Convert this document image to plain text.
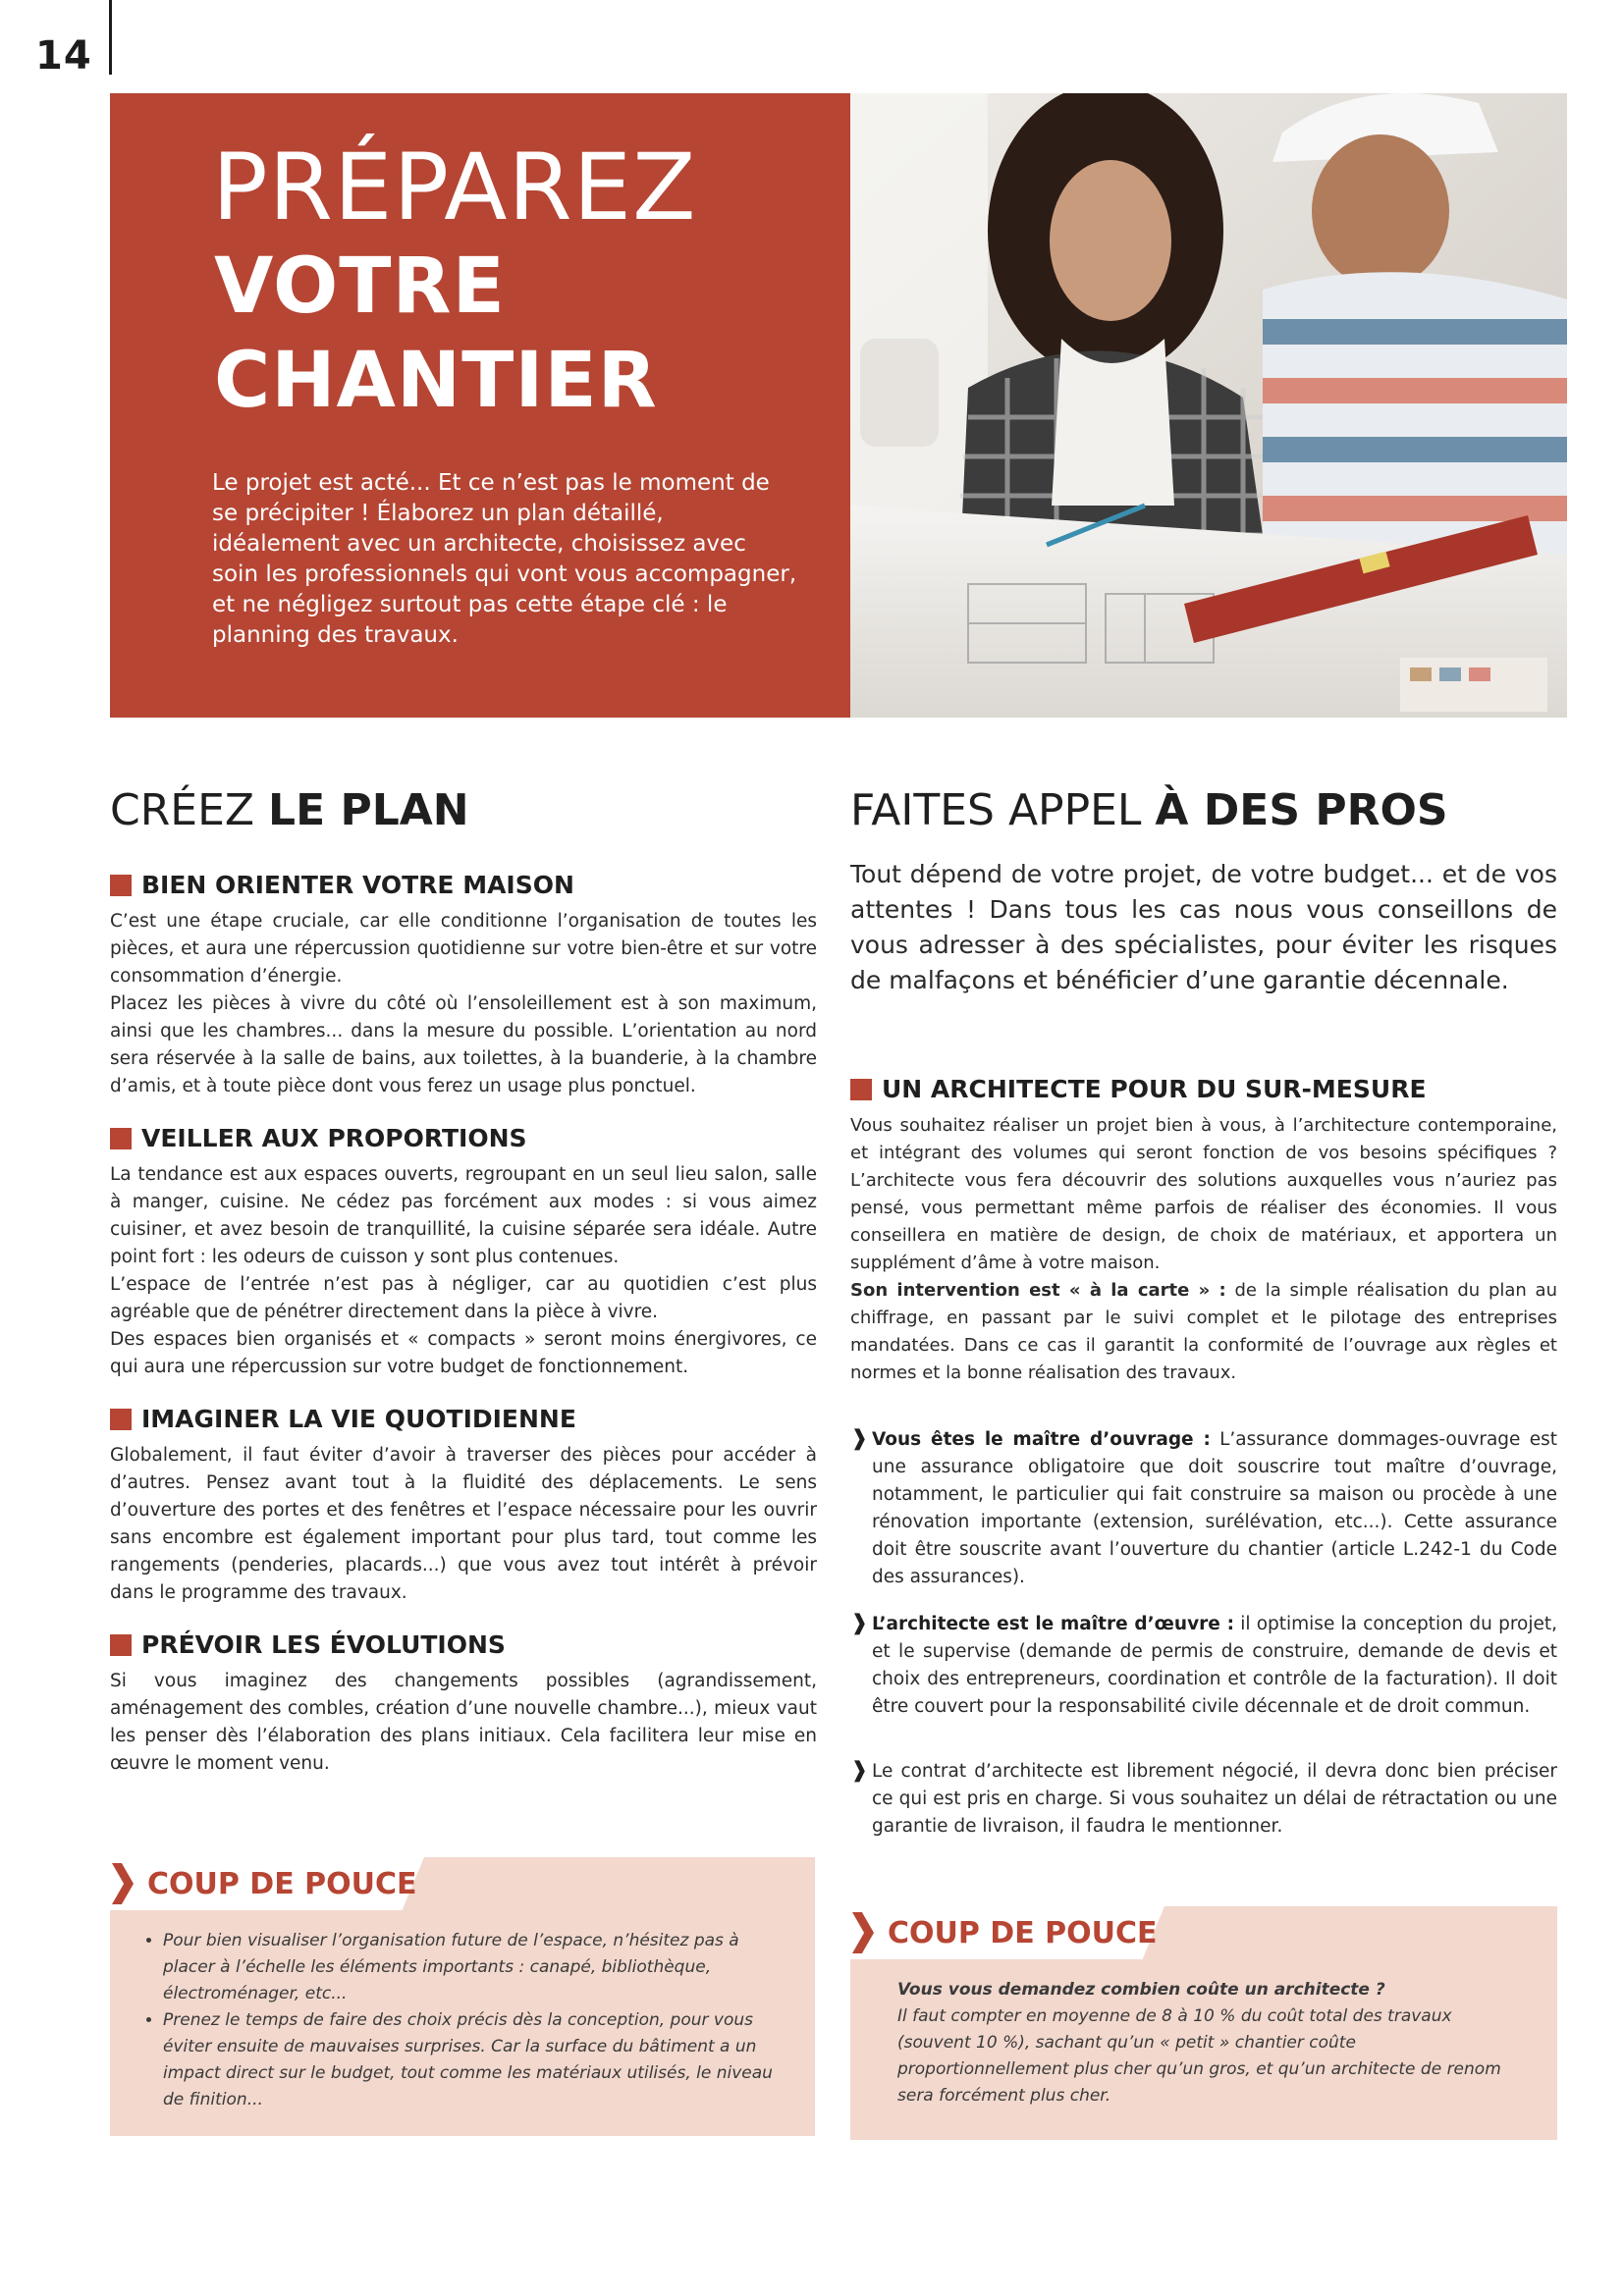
14
PRÉPAREZ
VOTRE
CHANTIER
Le projet est acté... Et ce n’est pas le moment de se précipiter ! Élaborez un plan détaillé, idéalement avec un architecte, choisissez avec soin les professionnels qui vont vous accompagner, et ne négligez surtout pas cette étape clé : le planning des travaux.
CRÉEZ LE PLAN
BIEN ORIENTER VOTRE MAISON

C’est une étape cruciale, car elle conditionne l’organisation de toutes les pièces, et aura une répercussion quotidienne sur votre bien-être et sur votre consommation d’énergie.

Placez les pièces à vivre du côté où l’ensoleillement est à son maximum, ainsi que les chambres... dans la mesure du possible. L’orientation au nord sera réservée à la salle de bains, aux toilettes, à la buanderie, à la chambre d’amis, et à toute pièce dont vous ferez un usage plus ponctuel.

VEILLER AUX PROPORTIONS

La tendance est aux espaces ouverts, regroupant en un seul lieu salon, salle à manger, cuisine. Ne cédez pas forcément aux modes : si vous aimez cuisiner, et avez besoin de tranquillité, la cuisine séparée sera idéale. Autre point fort : les odeurs de cuisson y sont plus contenues.

L’espace de l’entrée n’est pas à négliger, car au quotidien c’est plus agréable que de pénétrer directement dans la pièce à vivre.

Des espaces bien organisés et « compacts » seront moins énergivores, ce qui aura une répercussion sur votre budget de fonctionnement.

IMAGINER LA VIE QUOTIDIENNE

Globalement, il faut éviter d’avoir à traverser des pièces pour accéder à d’autres. Pensez avant tout à la fluidité des déplacements. Le sens d’ouverture des portes et des fenêtres et l’espace nécessaire pour les ouvrir sans encombre est également important pour plus tard, tout comme les rangements (penderies, placards...) que vous avez tout intérêt à prévoir dans le programme des travaux.

PRÉVOIR LES ÉVOLUTIONS

Si vous imaginez des changements possibles (agrandissement, aménagement des combles, création d’une nouvelle chambre...), mieux vaut les penser dès l’élaboration des plans initiaux. Cela facilitera leur mise en œuvre le moment venu.

COUP DE POUCE
• Pour bien visualiser l’organisation future de l’espace, n’hésitez pas à placer à l’échelle les éléments importants : canapé, bibliothèque, électroménager, etc...
• Prenez le temps de faire des choix précis dès la conception, pour vous éviter ensuite de mauvaises surprises. Car la surface du bâtiment a un impact direct sur le budget, tout comme les matériaux utilisés, le niveau de finition...
FAITES APPEL À DES PROS
Tout dépend de votre projet, de votre budget... et de vos attentes ! Dans tous les cas nous vous conseillons de vous adresser à des spécialistes, pour éviter les risques de malfaçons et bénéficier d’une garantie décennale.
UN ARCHITECTE POUR DU SUR-MESURE

Vous souhaitez réaliser un projet bien à vous, à l’architecture contemporaine, et intégrant des volumes qui seront fonction de vos besoins spécifiques ? L’architecte vous fera découvrir des solutions auxquelles vous n’auriez pas pensé, vous permettant même parfois de réaliser des économies. Il vous conseillera en matière de design, de choix de matériaux, et apportera un supplément d’âme à votre maison.

Son intervention est « à la carte » : de la simple réalisation du plan au chiffrage, en passant par le suivi complet et le pilotage des entreprises mandatées. Dans ce cas il garantit la conformité de l’ouvrage aux règles et normes et la bonne réalisation des travaux.

❱ Vous êtes le maître d’ouvrage : L’assurance dommages-ouvrage est une assurance obligatoire que doit souscrire tout maître d’ouvrage, notamment, le particulier qui fait construire sa maison ou procède à une rénovation importante (extension, surélévation, etc...). Cette assurance doit être souscrite avant l’ouverture du chantier (article L.242-1 du Code des assurances).
❱ L’architecte est le maître d’œuvre : il optimise la conception du projet, et le supervise (demande de permis de construire, demande de devis et choix des entrepreneurs, coordination et contrôle de la facturation). Il doit être couvert pour la responsabilité civile décennale et de droit commun.
❱ Le contrat d’architecte est librement négocié, il devra donc bien préciser ce qui est pris en charge. Si vous souhaitez un délai de rétractation ou une garantie de livraison, il faudra le mentionner.
COUP DE POUCE
Vous vous demandez combien coûte un architecte ?
Il faut compter en moyenne de 8 à 10 % du coût total des travaux (souvent 10 %), sachant qu’un « petit » chantier coûte proportionnellement plus cher qu’un gros, et qu’un architecte de renom sera forcément plus cher.
